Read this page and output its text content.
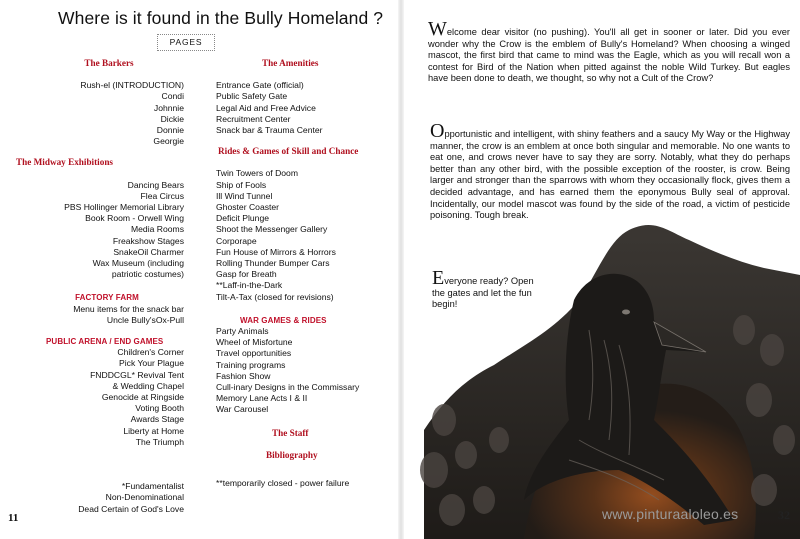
Where is it found in the Bully Homeland ?
PAGES

The Barkers

Rush-el (INTRODUCTION)
Condi
Johnnie
Dickie
Donnie
Georgie

The Midway Exhibitions

Dancing Bears
Flea Circus
PBS Hollinger Memorial Library
Book Room - Orwell Wing
Media Rooms
Freakshow Stages
SnakeOil Charmer
Wax Museum (including
patriotic costumes)

FACTORY FARM

Menu items for the snack bar
Uncle Bully'sOx-Pull

PUBLIC ARENA / END GAMES

Children's Corner
Pick Your Plague
FNDDCGL* Revival Tent
& Wedding Chapel
Genocide at Ringside
Voting Booth
Awards Stage
Liberty at Home
The Triumph
*Fundamentalist
Non-Denominational
Dead Certain of God's Love

The Amenities

Entrance Gate (official)
Public Safety Gate
Legal Aid and Free Advice
Recruitment Center
Snack bar & Trauma Center

Rides & Games of Skill and Chance

Twin Towers of Doom
Ship of Fools
Ill Wind Tunnel
Ghoster Coaster
Deficit Plunge
Shoot the Messenger Gallery
Corporape
Fun House of Mirrors & Horrors
Rolling Thunder Bumper Cars
Gasp for Breath
**Laff-in-the-Dark
Tilt-A-Tax (closed for revisions)

WAR GAMES & RIDES

Party Animals
Wheel of Misfortune
Travel opportunities
Training programs
Fashion Show
Cull-inary Designs in the Commissary
Memory Lane Acts I & II
War Carousel

The Staff

Bibliography

**temporarily closed - power failure

11

Welcome dear visitor (no pushing). You'll all get in sooner or later. Did you ever wonder why the Crow is the emblem of Bully's Homeland? When choosing a winged mascot, the first bird that came to mind was the Eagle, which as you will recall won a contest for Bird of the Nation when pitted against the noble Wild Turkey. But eagles have been done to death, we thought, so why not a Cult of the Crow?

Opportunistic and intelligent, with shiny feathers and a saucy My Way or the Highway manner, the crow is an emblem at once both singular and memorable. No one wants to eat one, and crows never have to say they are sorry. Notably, what they do perhaps better than any other bird, with the possible exception of the rooster, is crow. Being larger and stronger than the sparrows with whom they occasionally flock, gives them a decided advantage, and has earned them the eponymous Bully seal of approval. Incidentally, our model mascot was found by the side of the road, a victim of pesticide poisoning. Tough break.

Everyone ready? Open the gates and let the fun begin!

www.pinturaaloleo.es	32
